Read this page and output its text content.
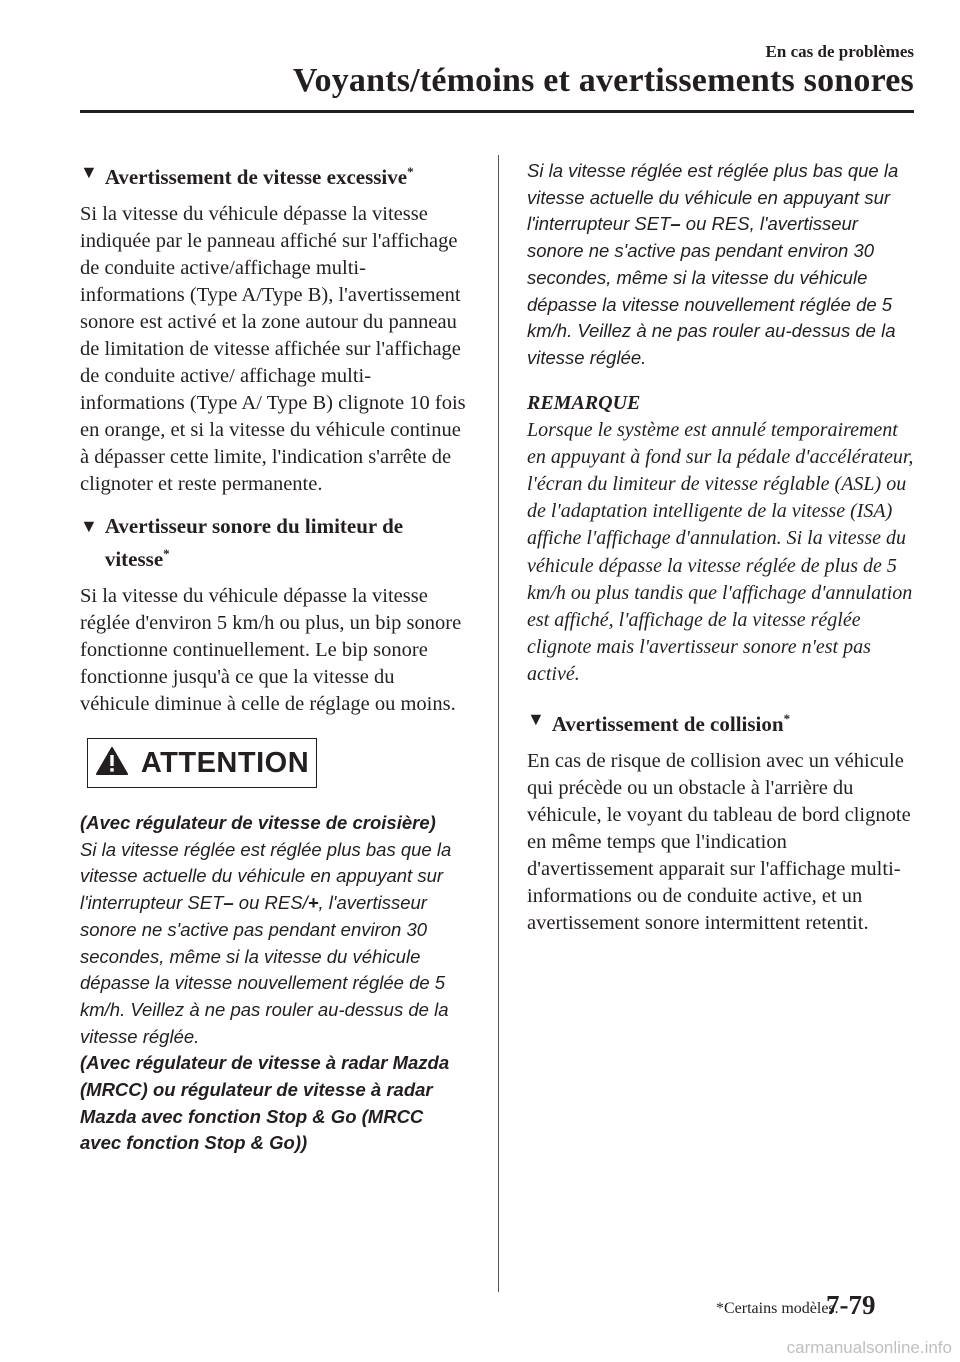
En cas de problèmes
Voyants/témoins et avertissements sonores
▼ Avertissement de vitesse excessive*

Si la vitesse du véhicule dépasse la vitesse indiquée par le panneau affiché sur l'affichage de conduite active/affichage multi-informations (Type A/Type B), l'avertissement sonore est activé et la zone autour du panneau de limitation de vitesse affichée sur l'affichage de conduite active/ affichage multi-informations (Type A/ Type B) clignote 10 fois en orange, et si la vitesse du véhicule continue à dépasser cette limite, l'indication s'arrête de clignoter et reste permanente.

▼ Avertisseur sonore du limiteur de vitesse*

Si la vitesse du véhicule dépasse la vitesse réglée d'environ 5 km/h ou plus, un bip sonore fonctionne continuellement. Le bip sonore fonctionne jusqu'à ce que la vitesse du véhicule diminue à celle de réglage ou moins.

ATTENTION

(Avec régulateur de vitesse de croisière)

Si la vitesse réglée est réglée plus bas que la vitesse actuelle du véhicule en appuyant sur l'interrupteur SET– ou RES/+, l'avertisseur sonore ne s'active pas pendant environ 30 secondes, même si la vitesse du véhicule dépasse la vitesse nouvellement réglée de 5 km/h. Veillez à ne pas rouler au-dessus de la vitesse réglée.

(Avec régulateur de vitesse à radar Mazda (MRCC) ou régulateur de vitesse à radar Mazda avec fonction Stop & Go (MRCC avec fonction Stop & Go))

Si la vitesse réglée est réglée plus bas que la vitesse actuelle du véhicule en appuyant sur l'interrupteur SET– ou RES, l'avertisseur sonore ne s'active pas pendant environ 30 secondes, même si la vitesse du véhicule dépasse la vitesse nouvellement réglée de 5 km/h. Veillez à ne pas rouler au-dessus de la vitesse réglée.

REMARQUE

Lorsque le système est annulé temporairement en appuyant à fond sur la pédale d'accélérateur, l'écran du limiteur de vitesse réglable (ASL) ou de l'adaptation intelligente de la vitesse (ISA) affiche l'affichage d'annulation. Si la vitesse du véhicule dépasse la vitesse réglée de plus de 5 km/h ou plus tandis que l'affichage d'annulation est affiché, l'affichage de la vitesse réglée clignote mais l'avertisseur sonore n'est pas activé.

▼ Avertissement de collision*

En cas de risque de collision avec un véhicule qui précède ou un obstacle à l'arrière du véhicule, le voyant du tableau de bord clignote en même temps que l'indication d'avertissement apparait sur l'affichage multi-informations ou de conduite active, et un avertissement sonore intermittent retentit.

*Certains modèles.
7-79
carmanualsonline.info
